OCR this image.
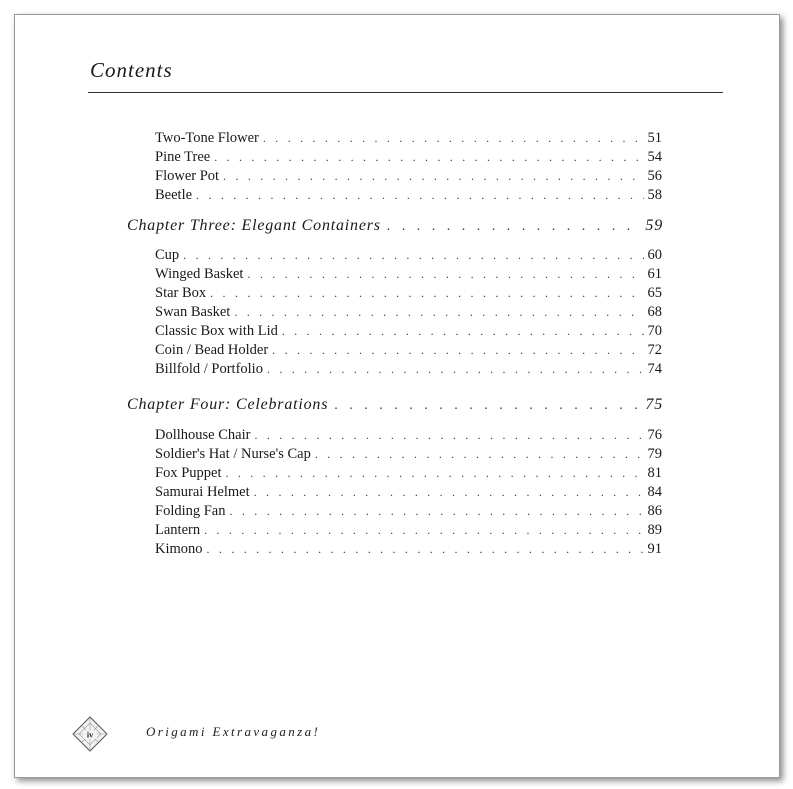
Contents
Two-Tone Flower . . .	51
Pine Tree . . .	54
Flower Pot . . .	56
Beetle . . .	58
Chapter Three: Elegant Containers . . .	59
Cup . . .	60
Winged Basket . . .	61
Star Box . . .	65
Swan Basket . . .	68
Classic Box with Lid . . .	70
Coin / Bead Holder . . .	72
Billfold / Portfolio . . .	74
Chapter Four: Celebrations . . .	75
Dollhouse Chair . . .	76
Soldier's Hat / Nurse's Cap . . .	79
Fox Puppet . . .	81
Samurai Helmet . . .	84
Folding Fan . . .	86
Lantern . . .	89
Kimono . . .	91
iv	Origami Extravaganza!
